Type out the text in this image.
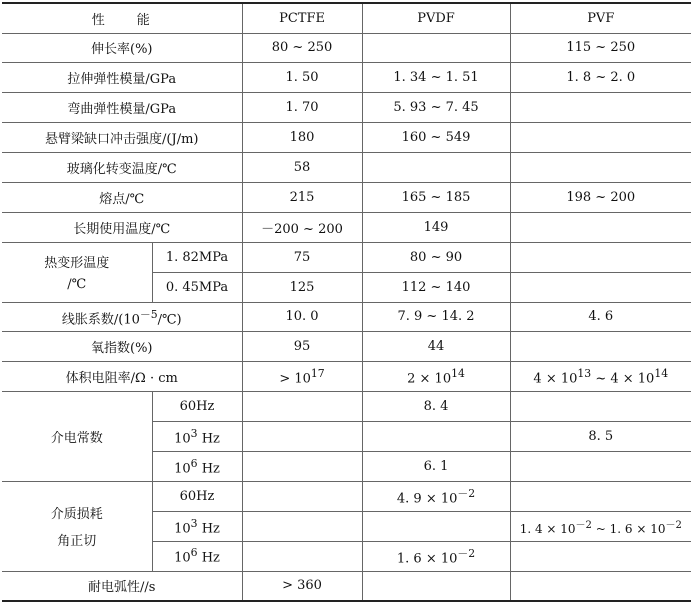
性　　能		PCTFE	PVDF	PVF
伸长率(%)		80 ~ 250		115 ~ 250
拉伸弹性模量/GPa		1. 50	1. 34 ~ 1. 51	1. 8 ~ 2. 0
弯曲弹性模量/GPa		1. 70	5. 93 ~ 7. 45	
悬臂梁缺口冲击强度/(J/m)		180	160 ~ 549	
玻璃化转变温度/℃		58		
熔点/℃		215	165 ~ 185	198 ~ 200
长期使用温度/℃		－200 ~ 200	149	

热变形温度
/℃	1. 82MPa	75	80 ~ 90	
	0. 45MPa	125	112 ~ 140	
线胀系数$/(10^{-5}/℃)$		10. 0	7. 9 ~ 14. 2	4. 6
氧指数(%)		95	44	
体积电阻率/Ω · cm		> $10^{17}$	$2 \times 10^{14}$	$4 \times 10^{13}$ ~ $4 \times 10^{14}$
介电常数	60Hz		8. 4	
	$10^3$ Hz			8. 5
	$10^6$ Hz		6. 1	

介质损耗
角正切	60Hz		4. $9 \times 10^{-2}$	
	$10^3$ Hz			1. $4 \times 10^{-2}$ ~ 1. $6 \times 10^{-2}$
	$10^6$ Hz		1. $6 \times 10^{-2}$	
耐电弧性//s		> 360		
